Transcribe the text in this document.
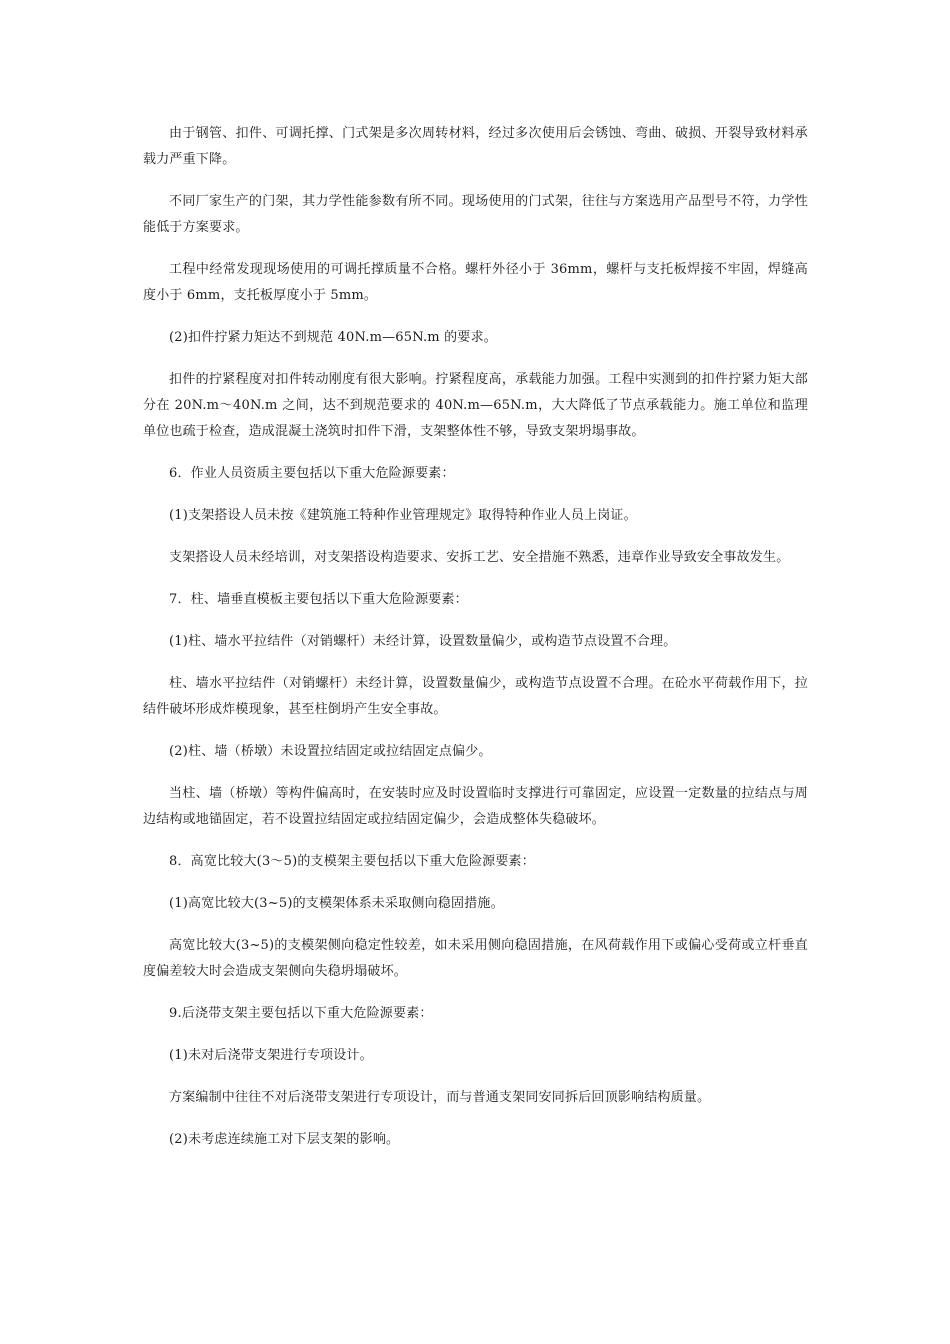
由于钢管、扣件、可调托撑、门式架是多次周转材料，经过多次使用后会锈蚀、弯曲、破损、开裂导致材料承载力严重下降。

不同厂家生产的门架，其力学性能参数有所不同。现场使用的门式架，往往与方案选用产品型号不符，力学性能低于方案要求。

工程中经常发现现场使用的可调托撑质量不合格。螺杆外径小于 36mm，螺杆与支托板焊接不牢固，焊缝高度小于 6mm，支托板厚度小于 5mm。

(2)扣件拧紧力矩达不到规范 40N.m—65N.m 的要求。

扣件的拧紧程度对扣件转动刚度有很大影响。拧紧程度高，承载能力加强。工程中实测到的扣件拧紧力矩大部分在 20N.m～40N.m 之间，达不到规范要求的 40N.m—65N.m，大大降低了节点承载能力。施工单位和监理单位也疏于检查，造成混凝土浇筑时扣件下滑，支架整体性不够，导致支架坍塌事故。

6．作业人员资质主要包括以下重大危险源要素：

(1)支架搭设人员未按《建筑施工特种作业管理规定》取得特种作业人员上岗证。

支架搭设人员未经培训，对支架搭设构造要求、安拆工艺、安全措施不熟悉，违章作业导致安全事故发生。

7．柱、墙垂直模板主要包括以下重大危险源要素：

(1)柱、墙水平拉结件（对销螺杆）未经计算，设置数量偏少，或构造节点设置不合理。

柱、墙水平拉结件（对销螺杆）未经计算，设置数量偏少，或构造节点设置不合理。在砼水平荷载作用下，拉结件破坏形成炸模现象，甚至柱倒坍产生安全事故。

(2)柱、墙（桥墩）未设置拉结固定或拉结固定点偏少。

当柱、墙（桥墩）等构件偏高时，在安装时应及时设置临时支撑进行可靠固定，应设置一定数量的拉结点与周边结构或地锚固定，若不设置拉结固定或拉结固定偏少，会造成整体失稳破坏。

8．高宽比较大(3～5)的支模架主要包括以下重大危险源要素：

(1)高宽比较大(3~5)的支模架体系未采取侧向稳固措施。

高宽比较大(3~5)的支模架侧向稳定性较差，如未采用侧向稳固措施，在风荷载作用下或偏心受荷或立杆垂直度偏差较大时会造成支架侧向失稳坍塌破坏。

9.后浇带支架主要包括以下重大危险源要素：

(1)未对后浇带支架进行专项设计。

方案编制中往往不对后浇带支架进行专项设计，而与普通支架同安同拆后回顶影响结构质量。

(2)未考虑连续施工对下层支架的影响。
